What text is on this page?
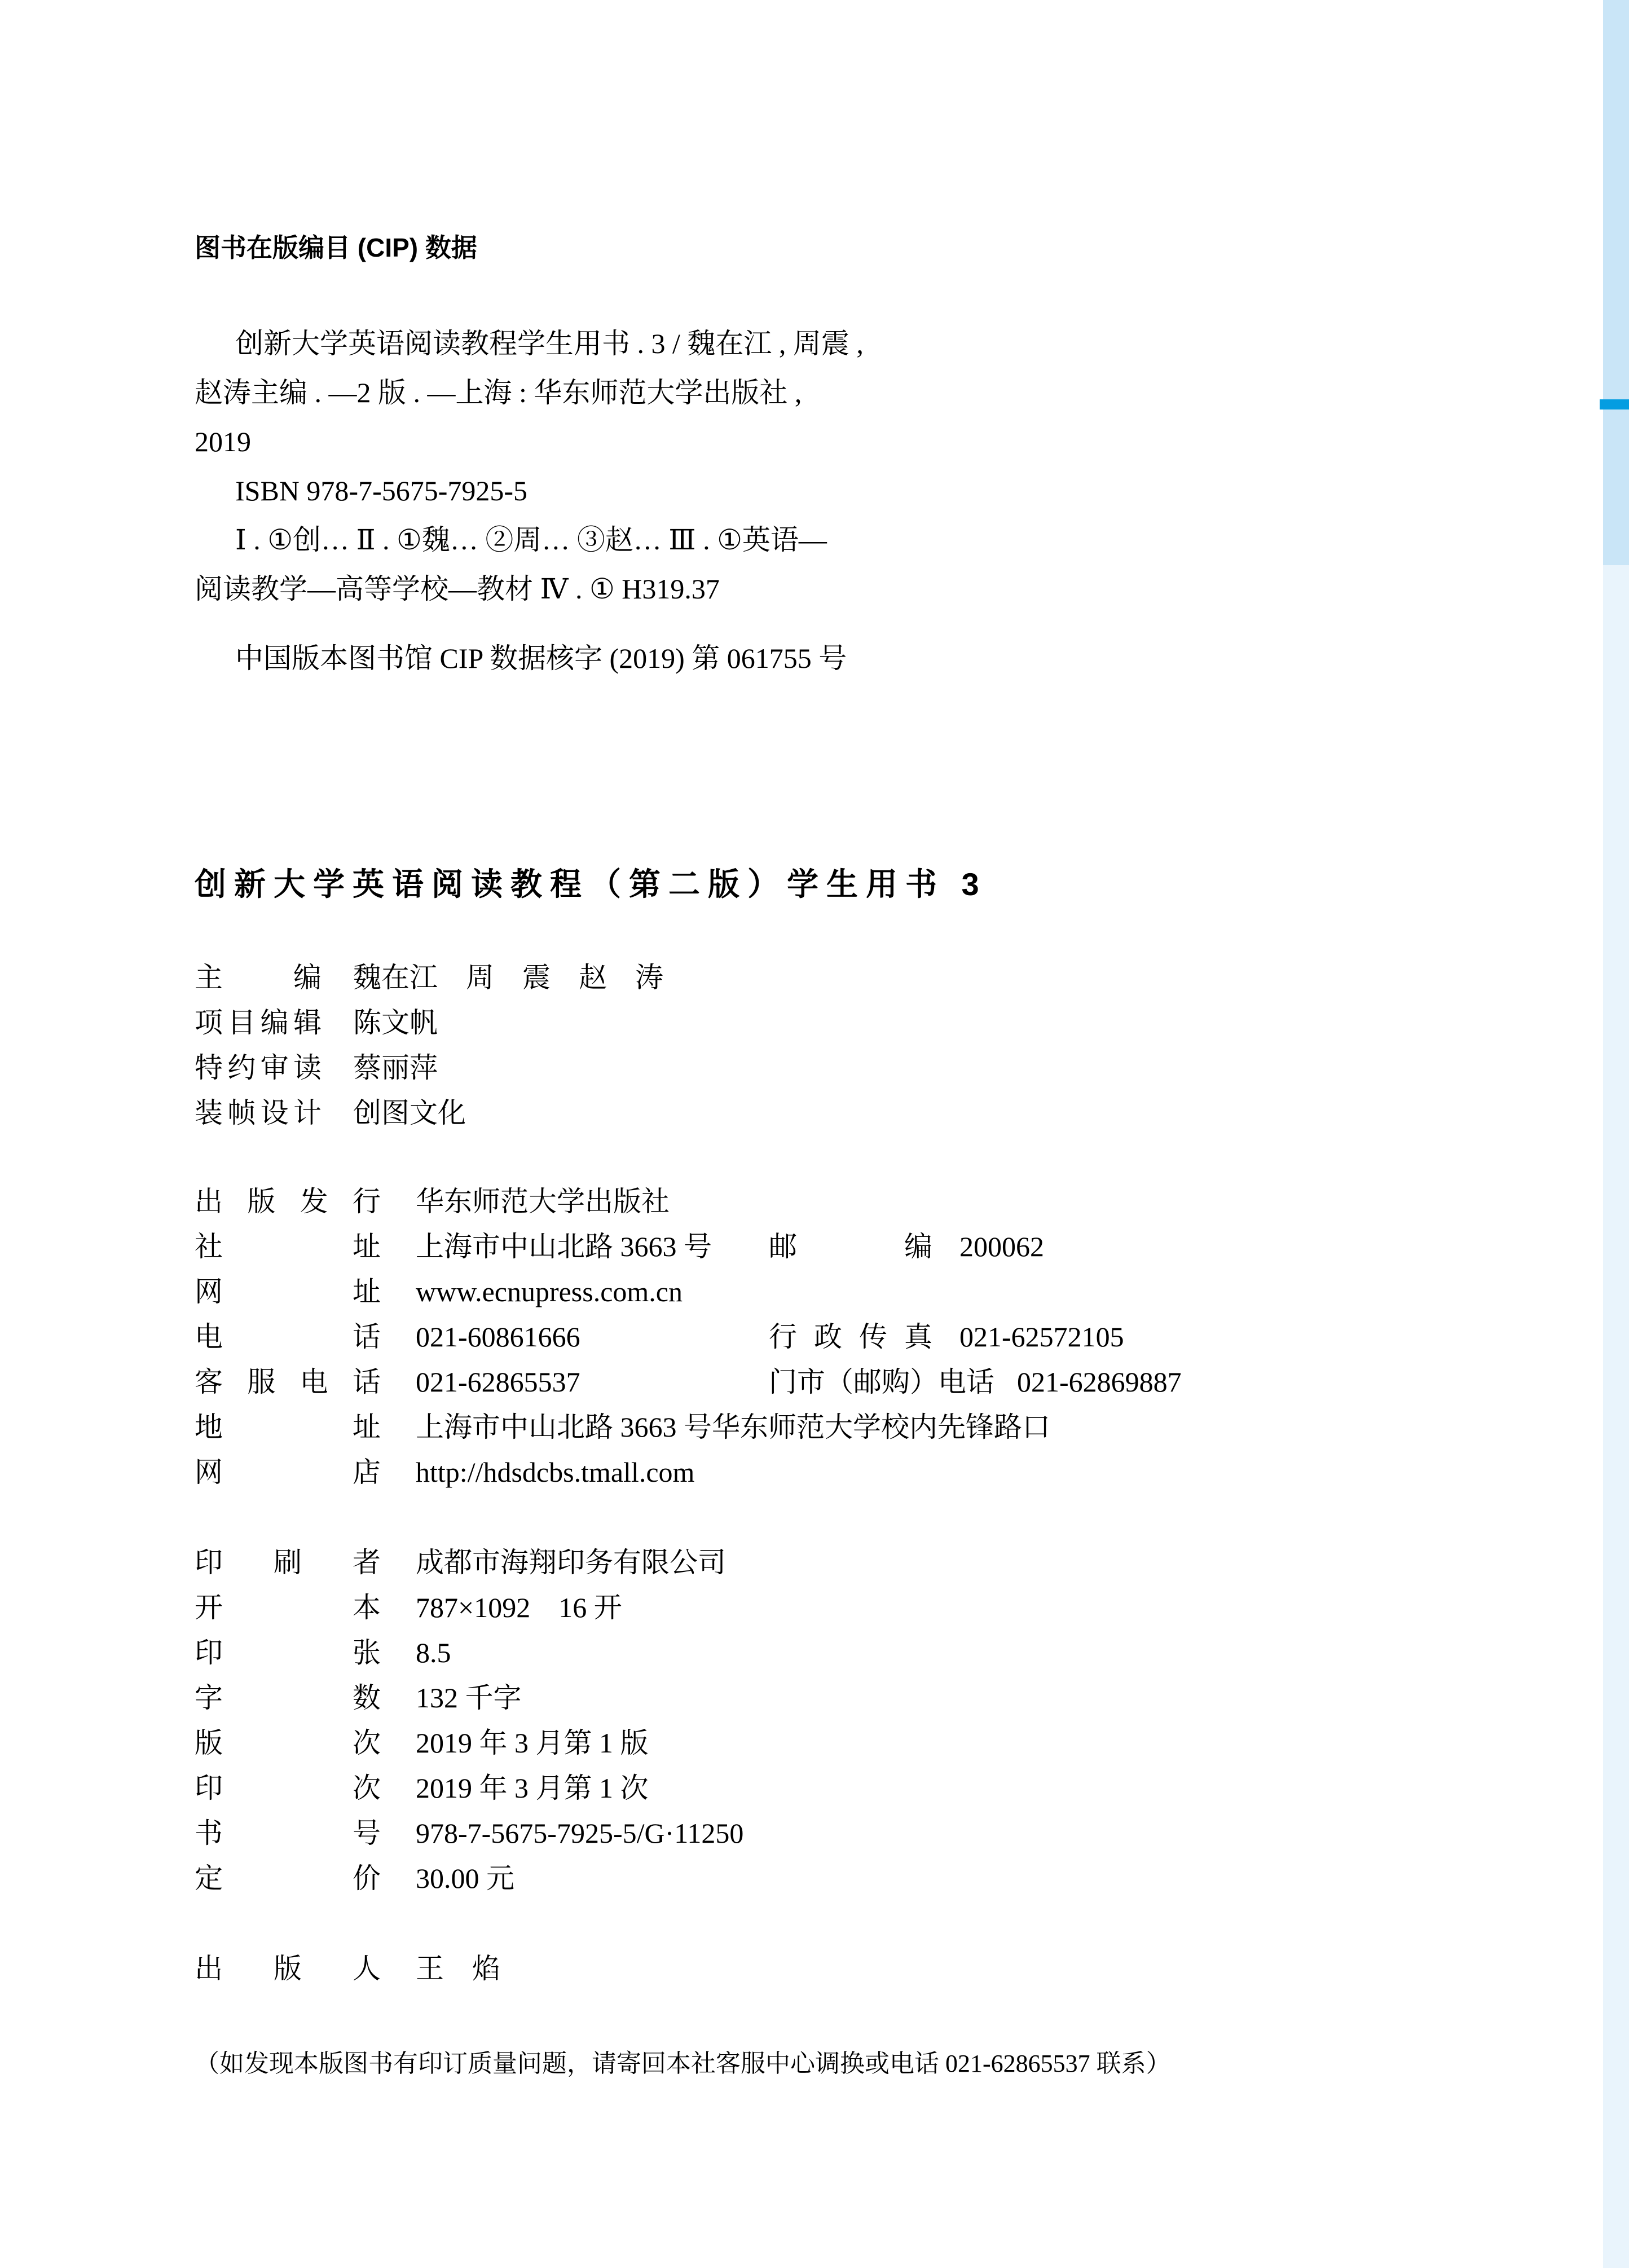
图书在版编目 (CIP) 数据
创新大学英语阅读教程学生用书 . 3 / 魏在江 , 周震 ,
赵涛主编 . —2 版 . —上海 : 华东师范大学出版社 ,
2019
ISBN 978-7-5675-7925-5
Ⅰ . ①创… Ⅱ . ①魏… ②周… ③赵… Ⅲ . ①英语—
阅读教学—高等学校—教材 Ⅳ . ① H319.37
中国版本图书馆 CIP 数据核字 (2019) 第 061755 号
创新大学英语阅读教程（第二版）学生用书 3
主编 魏在江　周　震　赵　涛
项目编辑 陈文帆
特约审读 蔡丽萍
装帧设计 创图文化
出版发行 华东师范大学出版社
社址 上海市中山北路 3663 号 邮编 200062
网址 www.ecnupress.com.cn
电话 021-60861666	行政传真 021-62572105
客服电话 021-62865537	门市（邮购）电话 021-62869887
地址 上海市中山北路 3663 号华东师范大学校内先锋路口
网店 http://hdsdcbs.tmall.com
印刷者 成都市海翔印务有限公司
开本 787×1092　16 开
印张 8.5
字数 132 千字
版次 2019 年 3 月第 1 版
印次 2019 年 3 月第 1 次
书号 978-7-5675-7925-5/G·11250
定价 30.00 元
出版人 王　焰
（如发现本版图书有印订质量问题，请寄回本社客服中心调换或电话 021-62865537 联系）
